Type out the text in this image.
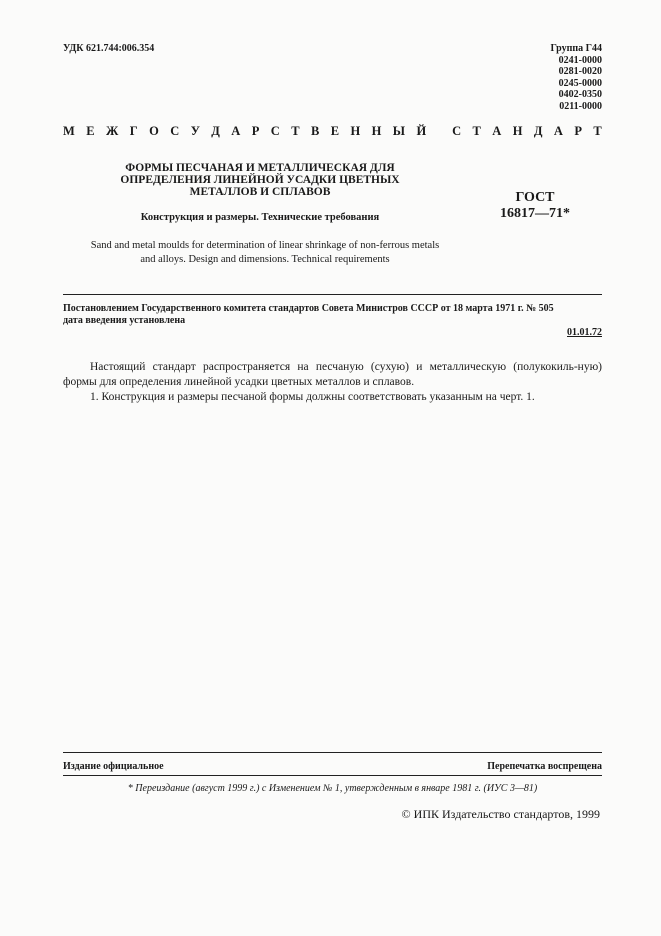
УДК 621.744:006.354	Группа Г44
0241-0000
0281-0020
0245-0000
0402-0350
0211-0000
М Е Ж Г О С У Д А Р С Т В Е Н Н Ы Й
С Т А Н Д А Р Т
ФОРМЫ ПЕСЧАНАЯ И МЕТАЛЛИЧЕСКАЯ ДЛЯ
ОПРЕДЕЛЕНИЯ ЛИНЕЙНОЙ УСАДКИ ЦВЕТНЫХ
МЕТАЛЛОВ И СПЛАВОВ
Конструкция и размеры. Технические требования
Sand and metal moulds for determination of linear shrinkage of non-ferrous metals
and alloys. Design and dimensions. Technical requirements
ГОСТ
16817—71*
Постановлением Государственного комитета стандартов Совета Министров СССР от 18 марта 1971 г. № 505
дата введения установлена
01.01.72

Настоящий стандарт распространяется на песчаную (сухую) и металлическую (полукокиль-ную) формы для определения линейной усадки цветных металлов и сплавов.

1. Конструкция и размеры песчаной формы должны соответствовать указанным на черт. 1.

Издание официальное	Перепечатка воспрещена
* Переиздание (август 1999 г.) с Изменением № 1, утвержденным в январе 1981 г. (ИУС 3—81)
© ИПК Издательство стандартов, 1999
